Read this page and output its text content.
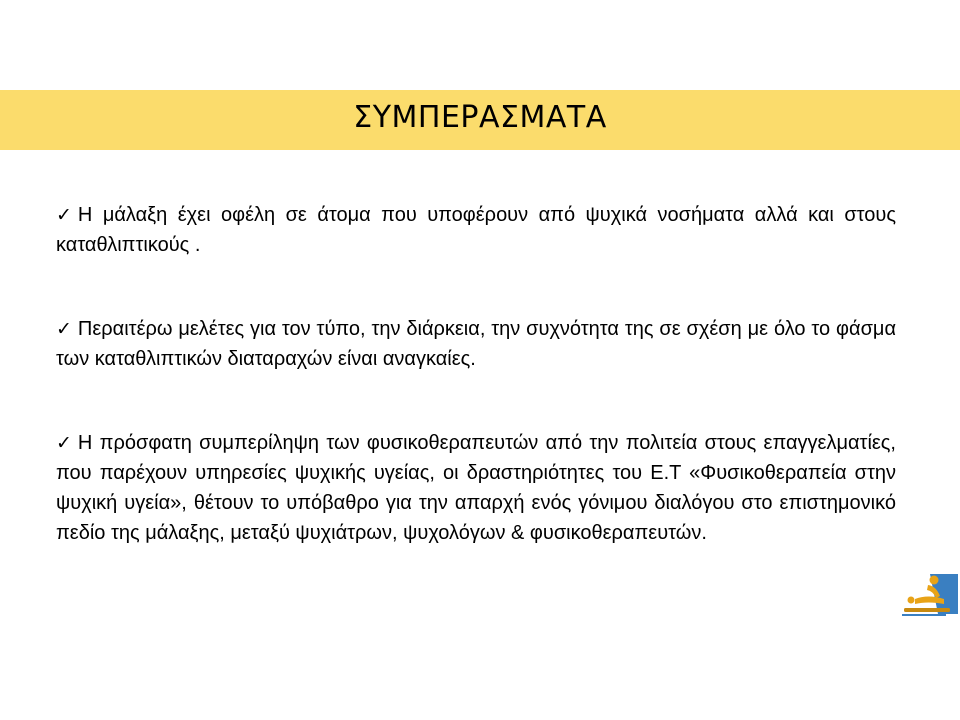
ΣΥΜΠΕΡΑΣΜΑΤΑ
✓ Η μάλαξη έχει οφέλη σε άτομα που υποφέρουν από ψυχικά νοσήματα αλλά και στους καταθλιπτικούς .
✓ Περαιτέρω μελέτες για τον τύπο, την διάρκεια, την συχνότητα της σε σχέση με όλο το φάσμα των καταθλιπτικών διαταραχών είναι αναγκαίες.
✓ Η πρόσφατη συμπερίληψη των φυσικοθεραπευτών από την πολιτεία στους επαγγελματίες, που παρέχουν υπηρεσίες ψυχικής υγείας, οι δραστηριότητες του Ε.Τ «Φυσικοθεραπεία στην ψυχική υγεία», θέτουν το υπόβαθρο για την απαρχή ενός γόνιμου διαλόγου στο επιστημονικό πεδίο της μάλαξης, μεταξύ ψυχιάτρων, ψυχολόγων & φυσικοθεραπευτών.
